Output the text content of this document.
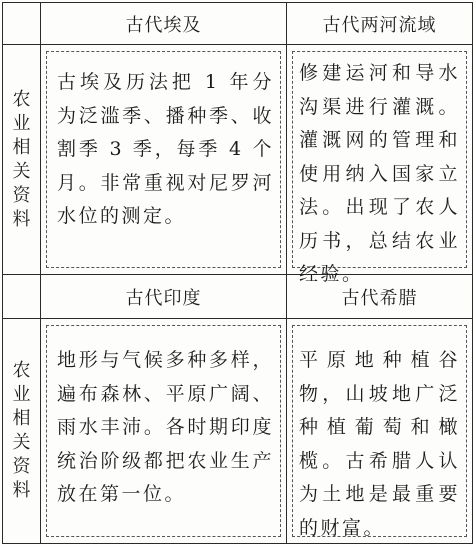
	古代埃及	古代两河流域

农业相关资料	古埃及历法把 1 年分为泛滥季、播种季、收割季 3 季，每季 4 个月。非常重视对尼罗河水位的测定。	修建运河和导水沟渠进行灌溉。灌溉网的管理和使用纳入国家立法。出现了农人历书，总结农业经验。

	古代印度	古代希腊

农业相关资料	地形与气候多种多样，遍布森林、平原广阔、雨水丰沛。各时期印度统治阶级都把农业生产放在第一位。	平原地种植谷物，山坡地广泛种植葡萄和橄榄。古希腊人认为土地是最重要的财富。
